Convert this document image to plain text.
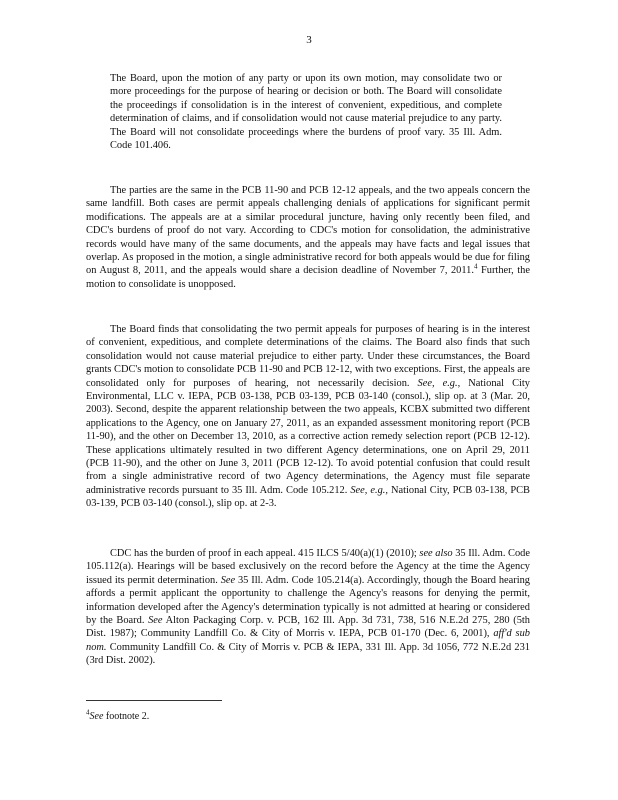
3
The Board, upon the motion of any party or upon its own motion, may consolidate two or more proceedings for the purpose of hearing or decision or both. The Board will consolidate the proceedings if consolidation is in the interest of convenient, expeditious, and complete determination of claims, and if consolidation would not cause material prejudice to any party. The Board will not consolidate proceedings where the burdens of proof vary. 35 Ill. Adm. Code 101.406.
The parties are the same in the PCB 11-90 and PCB 12-12 appeals, and the two appeals concern the same landfill. Both cases are permit appeals challenging denials of applications for significant permit modifications. The appeals are at a similar procedural juncture, having only recently been filed, and CDC's burdens of proof do not vary. According to CDC's motion for consolidation, the administrative records would have many of the same documents, and the appeals may have facts and legal issues that overlap. As proposed in the motion, a single administrative record for both appeals would be due for filing on August 8, 2011, and the appeals would share a decision deadline of November 7, 2011.$^4$ Further, the motion to consolidate is unopposed.
The Board finds that consolidating the two permit appeals for purposes of hearing is in the interest of convenient, expeditious, and complete determinations of the claims. The Board also finds that such consolidation would not cause material prejudice to either party. Under these circumstances, the Board grants CDC's motion to consolidate PCB 11-90 and PCB 12-12, with two exceptions. First, the appeals are consolidated only for purposes of hearing, not necessarily decision. See, e.g., National City Environmental, LLC v. IEPA, PCB 03-138, PCB 03-139, PCB 03-140 (consol.), slip op. at 3 (Mar. 20, 2003). Second, despite the apparent relationship between the two appeals, KCBX submitted two different applications to the Agency, one on January 27, 2011, as an expanded assessment monitoring report (PCB 11-90), and the other on December 13, 2010, as a corrective action remedy selection report (PCB 12-12). These applications ultimately resulted in two different Agency determinations, one on April 29, 2011 (PCB 11-90), and the other on June 3, 2011 (PCB 12-12). To avoid potential confusion that could result from a single administrative record of two Agency determinations, the Agency must file separate administrative records pursuant to 35 Ill. Adm. Code 105.212. See, e.g., National City, PCB 03-138, PCB 03-139, PCB 03-140 (consol.), slip op. at 2-3.
CDC has the burden of proof in each appeal. 415 ILCS 5/40(a)(1) (2010); see also 35 Ill. Adm. Code 105.112(a). Hearings will be based exclusively on the record before the Agency at the time the Agency issued its permit determination. See 35 Ill. Adm. Code 105.214(a). Accordingly, though the Board hearing affords a permit applicant the opportunity to challenge the Agency's reasons for denying the permit, information developed after the Agency's determination typically is not admitted at hearing or considered by the Board. See Alton Packaging Corp. v. PCB, 162 Ill. App. 3d 731, 738, 516 N.E.2d 275, 280 (5th Dist. 1987); Community Landfill Co. & City of Morris v. IEPA, PCB 01-170 (Dec. 6, 2001), aff'd sub nom. Community Landfill Co. & City of Morris v. PCB & IEPA, 331 Ill. App. 3d 1056, 772 N.E.2d 231 (3rd Dist. 2002).
$^4$See footnote 2.
